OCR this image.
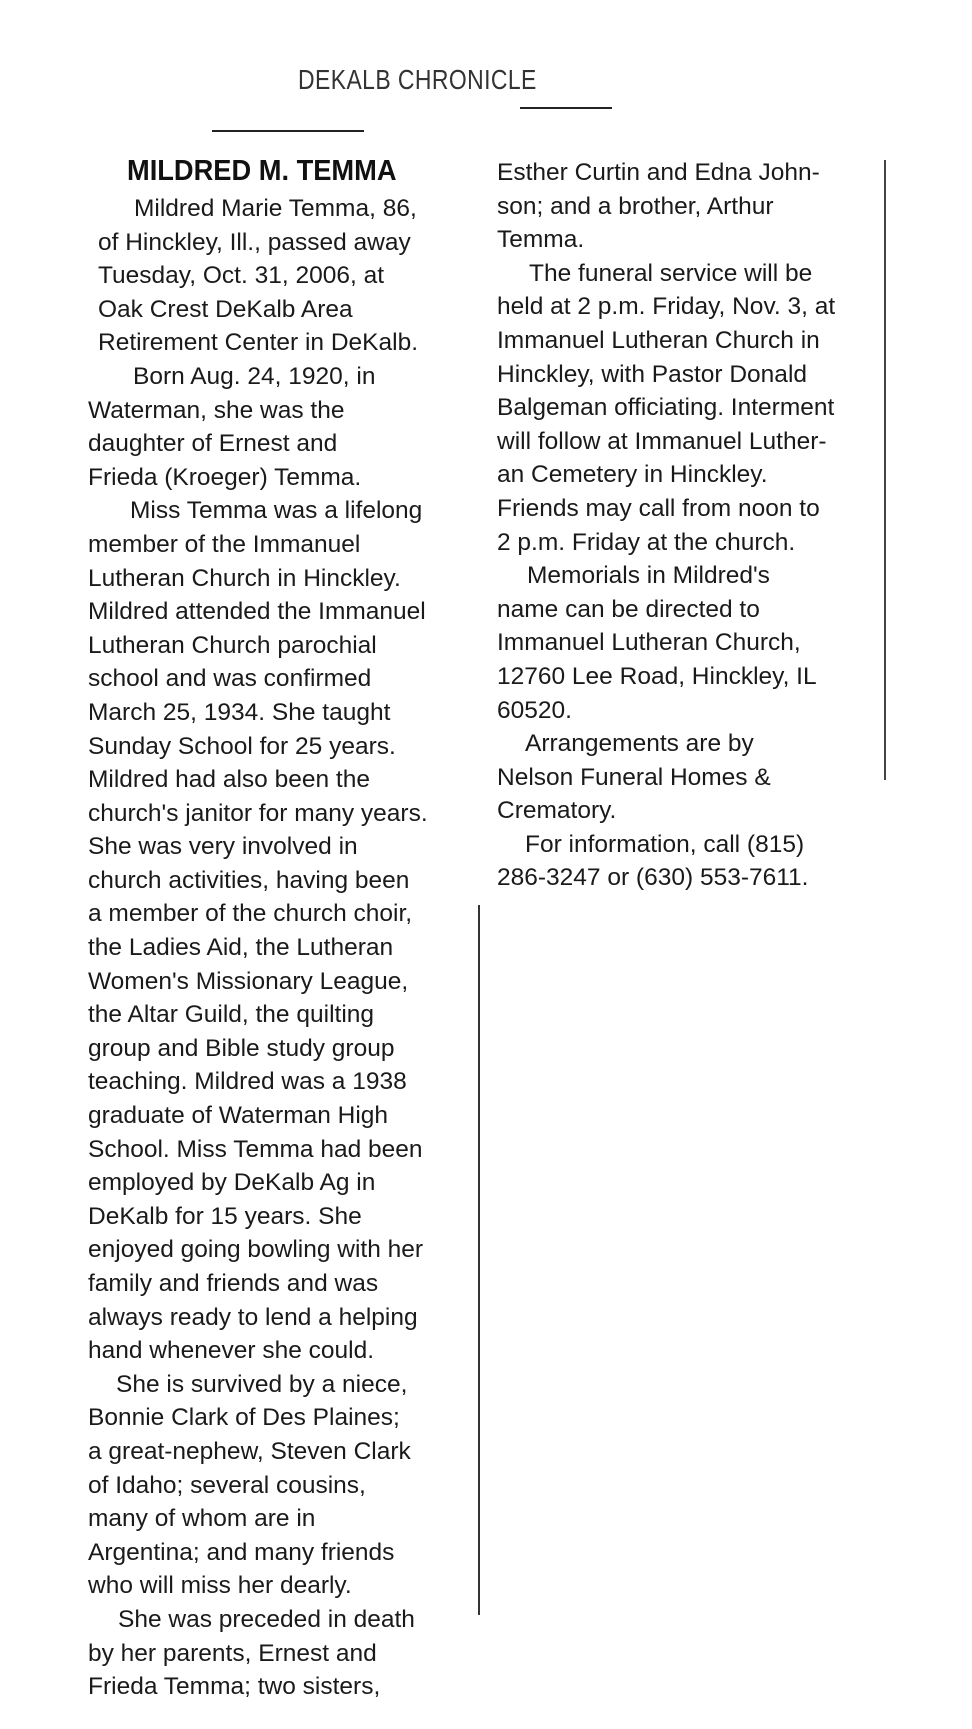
DEKALB CHRONICLE
MILDRED M. TEMMA
Mildred Marie Temma, 86,
of Hinckley, Ill., passed away
Tuesday, Oct. 31, 2006, at
Oak Crest DeKalb Area
Retirement Center in DeKalb.
Born Aug. 24, 1920, in
Waterman, she was the
daughter of Ernest and
Frieda (Kroeger) Temma.
Miss Temma was a lifelong
member of the Immanuel
Lutheran Church in Hinckley.
Mildred attended the Immanuel
Lutheran Church parochial
school and was confirmed
March 25, 1934. She taught
Sunday School for 25 years.
Mildred had also been the
church's janitor for many years.
She was very involved in
church activities, having been
a member of the church choir,
the Ladies Aid, the Lutheran
Women's Missionary League,
the Altar Guild, the quilting
group and Bible study group
teaching. Mildred was a 1938
graduate of Waterman High
School. Miss Temma had been
employed by DeKalb Ag in
DeKalb for 15 years. She
enjoyed going bowling with her
family and friends and was
always ready to lend a helping
hand whenever she could.
She is survived by a niece,
Bonnie Clark of Des Plaines;
a great-nephew, Steven Clark
of Idaho; several cousins,
many of whom are in
Argentina; and many friends
who will miss her dearly.
She was preceded in death
by her parents, Ernest and
Frieda Temma; two sisters,
Esther Curtin and Edna John-
son; and a brother, Arthur
Temma.
The funeral service will be
held at 2 p.m. Friday, Nov. 3, at
Immanuel Lutheran Church in
Hinckley, with Pastor Donald
Balgeman officiating. Interment
will follow at Immanuel Luther-
an Cemetery in Hinckley.
Friends may call from noon to
2 p.m. Friday at the church.
Memorials in Mildred's
name can be directed to
Immanuel Lutheran Church,
12760 Lee Road, Hinckley, IL
60520.
Arrangements are by
Nelson Funeral Homes &
Crematory.
For information, call (815)
286-3247 or (630) 553-7611.
